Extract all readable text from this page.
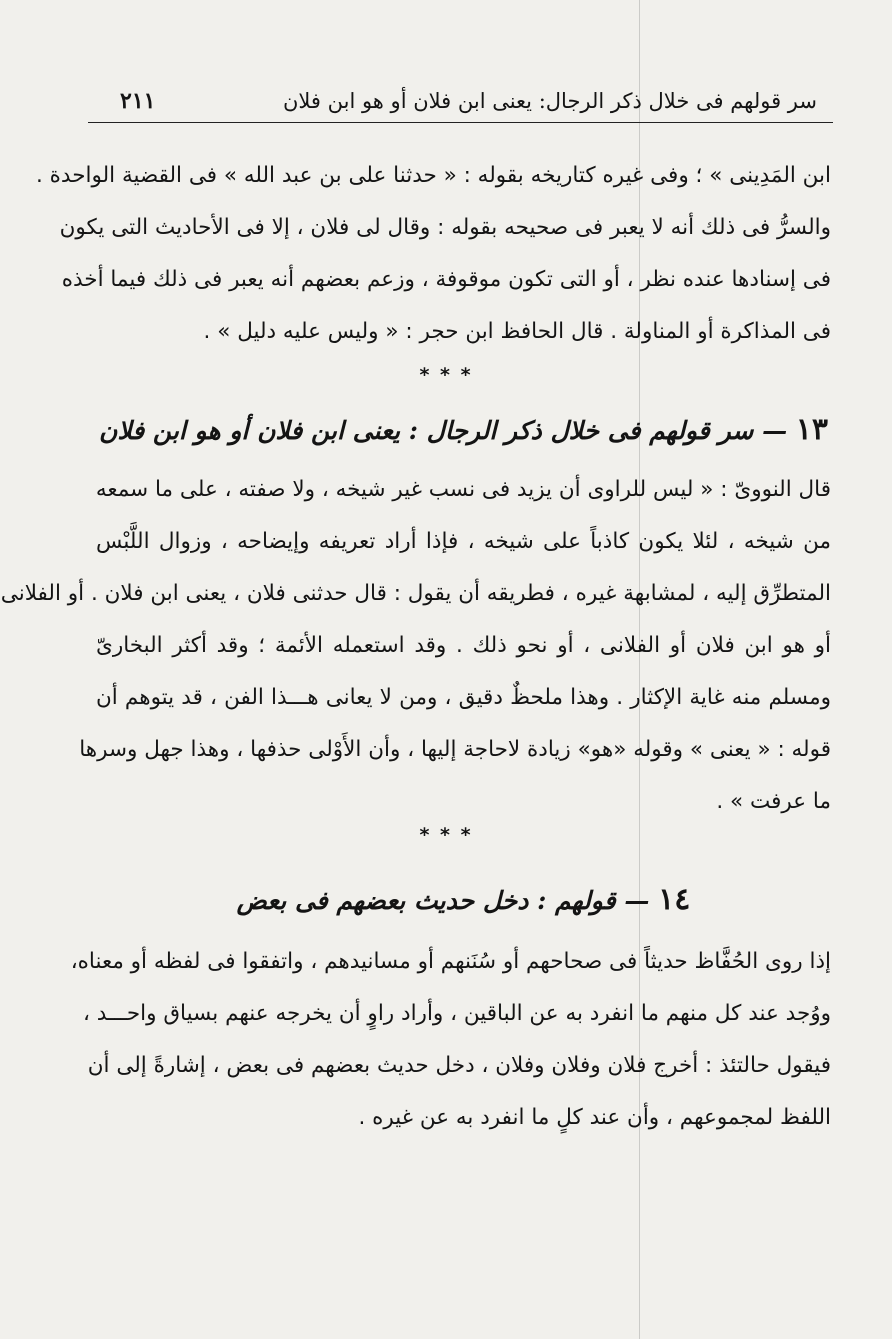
سر قولهم فى خلال ذكر الرجال: يعنى ابن فلان أو هو ابن فلان
٢١١
ابن المَدِينى » ؛ وفى غيره كتاريخه بقوله : « حدثنا على بن عبد الله » فى القضية الواحدة .
والسرُّ فى ذلك أنه لا يعبر فى صحيحه بقوله : وقال لى فلان ، إلا فى الأحاديث التى يكون
فى إسنادها عنده نظر ، أو التى تكون موقوفة ، وزعم بعضهم أنه يعبر فى ذلك فيما أخذه
فى المذاكرة أو المناولة . قال الحافظ ابن حجر : « وليس عليه دليل » .
* * *
١٣ — سر قولهم فى خلال ذكر الرجال : يعنى ابن فلان أو هو ابن فلان
قال النووىّ : « ليس للراوى أن يزيد فى نسب غير شيخه ، ولا صفته ، على ما سمعه
من شيخه ، لئلا يكون كاذباً على شيخه ، فإذا أراد تعريفه وإيضاحه ، وزوال اللَّبْس
المتطرِّق إليه ، لمشابهة غيره ، فطريقه أن يقول : قال حدثنى فلان ، يعنى ابن فلان . أو الفلانى
أو هو ابن فلان أو الفلانى ، أو نحو ذلك . وقد استعمله الأئمة ؛ وقد أكثر البخارىّ
ومسلم منه غاية الإكثار . وهذا ملحظٌ دقيق ، ومن لا يعانى هـــذا الفن ، قد يتوهم أن
قوله : « يعنى » وقوله «هو» زيادة لاحاجة إليها ، وأن الأَوْلى حذفها ، وهذا جهل وسرها
ما عرفت » .
* * *
١٤ — قولهم : دخل حديث بعضهم فى بعض
إذا روى الحُفَّاظ حديثاً فى صحاحهم أو سُنَنهم أو مسانيدهم ، واتفقوا فى لفظه أو معناه،
ووُجد عند كل منهم ما انفرد به عن الباقين ، وأراد راوٍ أن يخرجه عنهم بسياق واحـــد ،
فيقول حالتئذ : أخرج فلان وفلان وفلان ، دخل حديث بعضهم فى بعض ، إشارةً إلى أن
اللفظ لمجموعهم ، وأن عند كلٍ ما انفرد به عن غيره .
